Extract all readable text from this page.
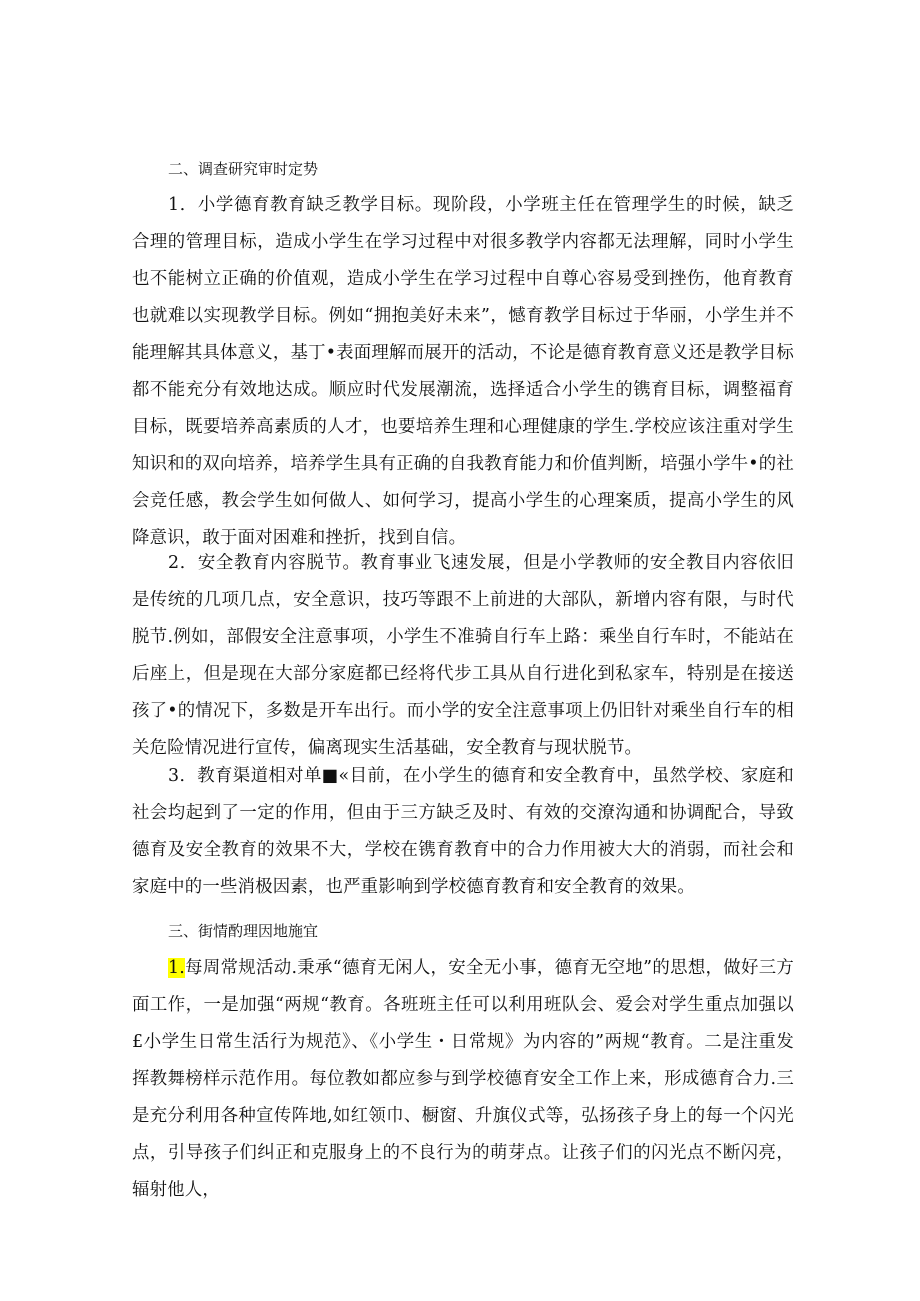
二、调查研究审时定势

1．小学德育教育缺乏教学目标。现阶段，小学班主任在管理学生的时候，缺乏合理的管理目标，造成小学生在学习过程中对很多教学内容都无法理解，同时小学生也不能树立正确的价值观，造成小学生在学习过程中自尊心容易受到挫伤，他育教育也就难以实现教学目标。例如“拥抱美好未来”，憾育教学目标过于华丽，小学生并不能理解其具体意义，基丁•表面理解而展开的活动，不论是德育教育意义还是教学目标都不能充分有效地达成。顺应时代发展潮流，选择适合小学生的镌育目标，调整福育目标，既要培养高素质的人才，也要培养生理和心理健康的学生.学校应该注重对学生知识和的双向培养，培养学生具有正确的自我教育能力和价值判断，培强小学牛•的社会竞任感，教会学生如何做人、如何学习，提高小学生的心理案质，提高小学生的风降意识，敢于面对困难和挫折，找到自信。

2．安全教育内容脱节。教育事业飞速发展，但是小学教师的安全教目内容依旧是传统的几项几点，安全意识，技巧等跟不上前进的大部队，新增内容有限，与时代脱节.例如，部假安全注意事项，小学生不准骑自行车上路：乘坐自行车时，不能站在后座上，但是现在大部分家庭都已经将代步工具从自行进化到私家车，特别是在接送孩了•的情况下，多数是开车出行。而小学的安全注意事项上仍旧针对乘坐自行车的相关危险情况进行宣传，偏离现实生活基础，安全教育与现状脱节。

3．教育渠道相对单■«目前，在小学生的德育和安全教育中，虽然学校、家庭和社会均起到了一定的作用，但由于三方缺乏及时、有效的交潦沟通和协调配合，导致德育及安全教育的效果不大，学校在镌育教育中的合力作用被大大的消弱，而社会和家庭中的一些消极因素，也严重影响到学校德育教育和安全教育的效果。

三、街情酌理因地施宜

1.每周常规活动.秉承“德育无闲人，安全无小事，德育无空地”的思想，做好三方面工作，一是加强“两规“教育。各班班主任可以利用班队会、爱会对学生重点加强以£小学生日常生活行为规范》、《小学生・日常规》为内容的”两规“教育。二是注重发挥教舞榜样示范作用。每位教如都应参与到学校德育安全工作上来，形成德育合力.三是充分利用各种宣传阵地,如红领巾、橱窗、升旗仪式等，弘扬孩子身上的每一个闪光点，引导孩子们纠正和克服身上的不良行为的萌芽点。让孩子们的闪光点不断闪亮，辐射他人，
